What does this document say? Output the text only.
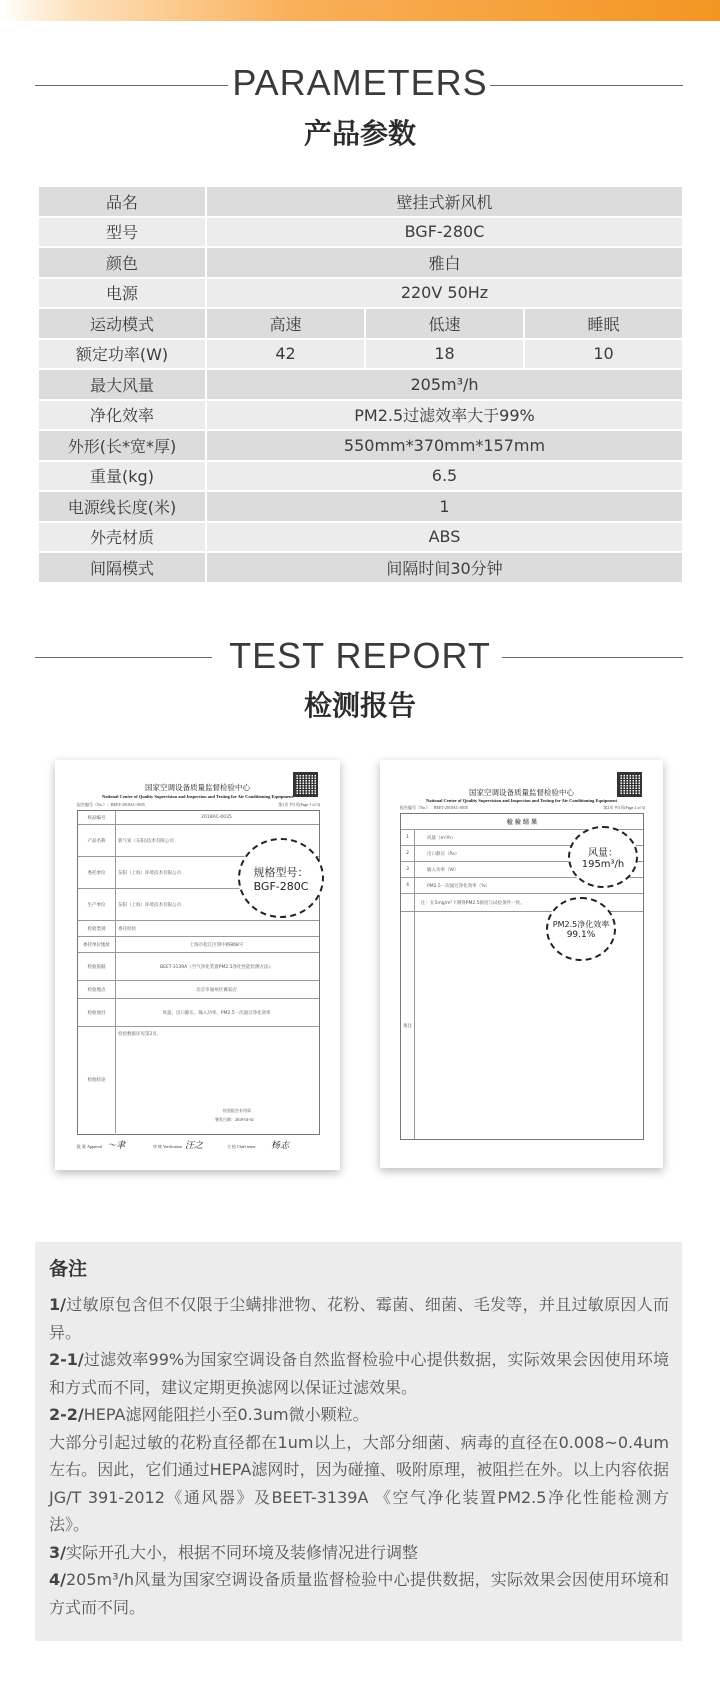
PARAMETERS
产品参数
品名	壁挂式新风机		
型号	BGF-280C		
颜色	雅白		
电源	220V 50Hz		
运动模式	高速	低速	睡眠
额定功率(W)	42	18	10
最大风量	205m³/h		
净化效率	PM2.5过滤效率大于99%		
外形(长*宽*厚)	550mm*370mm*157mm		
重量(kg)	6.5		
电源线长度(米)	1		
外壳材质	ABS		
间隔模式	间隔时间30分钟		
TEST REPORT
检测报告
国家空调设备质量监督检验中心
National Center of Quality Supervision and Inspection and Testing for Air Conditioning Equipment
报告编号（No.）：BEET-2018AC-0035	第1页 共3页(Page 1 of 3)
样品编号	2018AC-0035
产品名称	新气家（东阳)技术有限公司
委托单位	东阳（上海）环境技术有限公司
生产单位	东阳（上海）环境技术有限公司
检验类别	委托检验
委托单位地址	上海市松江区明中路868号
检验依据	BEET-3139A《空气净化装置PM2.5净化性能检测方法》
检验地点	北京市通州区翼家店
检验项目	风量、出口静压、输入功率、PM2.5一次通过净化效率
检验结论
检验数据详见第2页。
检验报告专用章
签发日期：2018-04-02
规格型号：
BGF-280C
批 准 Approval 〜聿	审 核 Verification 汪之	主 检 Chief tester 杨志
国家空调设备质量监督检验中心
National Center of Quality Supervision and Inspection and Testing for Air Conditioning Equipment
报告编号（No.）：BEET-2018AC-0035	第2页 共3页(Page 2 of 3)
检 验 结 果
1	风量（m³/h）
2	出口静压（Pa）
3	输入功率（W）
4	PM2.5一次通过净化效率（%）
注：在5mg/m³下测得PM2.5浓度与试验条件一致。
备注
风量：
195m³/h
PM2.5净化效率
99.1%
备注

1/过敏原包含但不仅限于尘螨排泄物、花粉、霉菌、细菌、毛发等，并且过敏原因人而异。

2-1/过滤效率99%为国家空调设备自然监督检验中心提供数据，实际效果会因使用环境和方式而不同，建议定期更换滤网以保证过滤效果。

2-2/HEPA滤网能阻拦小至0.3um微小颗粒。

大部分引起过敏的花粉直径都在1um以上，大部分细菌、病毒的直径在0.008~0.4um左右。因此，它们通过HEPA滤网时，因为碰撞、吸附原理，被阻拦在外。以上内容依据JG/T 391-2012《通风器》及BEET-3139A 《空气净化装置PM2.5净化性能检测方法》。

3/实际开孔大小，根据不同环境及装修情况进行调整

4/205m³/h风量为国家空调设备质量监督检验中心提供数据，实际效果会因使用环境和方式而不同。
